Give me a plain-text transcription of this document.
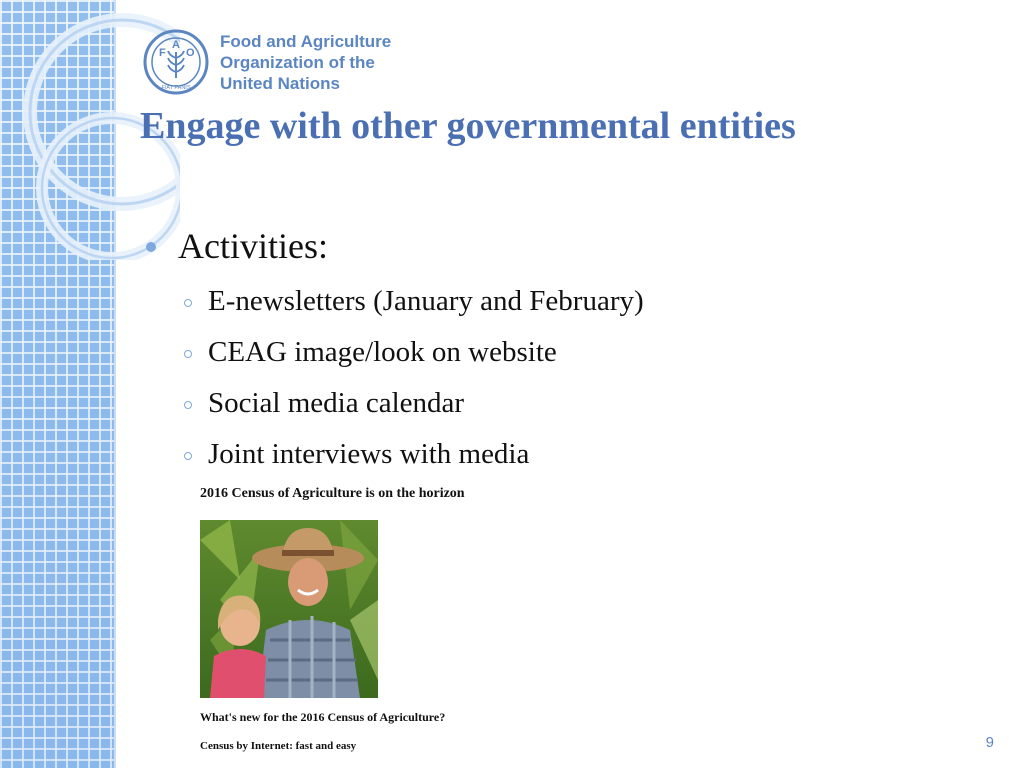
F
A
O
FIAT PANIS
Food and Agriculture
Organization of the
United Nations
Engage with other governmental entities
Activities:
E-newsletters (January and February)
CEAG image/look on website
Social media calendar
Joint interviews with media
2016 Census of Agriculture is on the horizon
What's new for the 2016 Census of Agriculture?
Census by Internet: fast and easy	9
